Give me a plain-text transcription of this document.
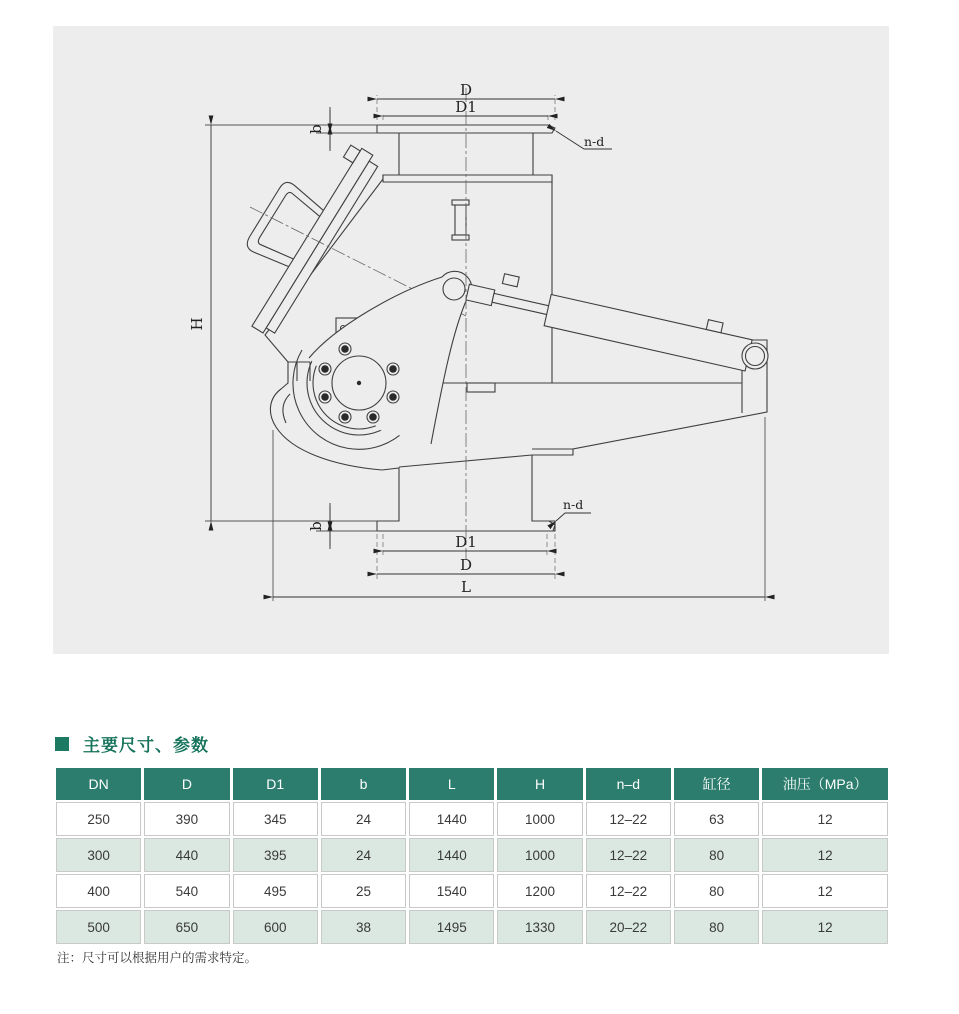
D
D1
b
H
b
D1
D
L
n-d
n-d
主要尺寸、参数
DN	D	D1	b	L	H	n–d	缸径	油压（MPa）
250	390	345	24	1440	1000	12–22	63	12
300	440	395	24	1440	1000	12–22	80	12
400	540	495	25	1540	1200	12–22	80	12
500	650	600	38	1495	1330	20–22	80	12
注：尺寸可以根据用户的需求特定。
